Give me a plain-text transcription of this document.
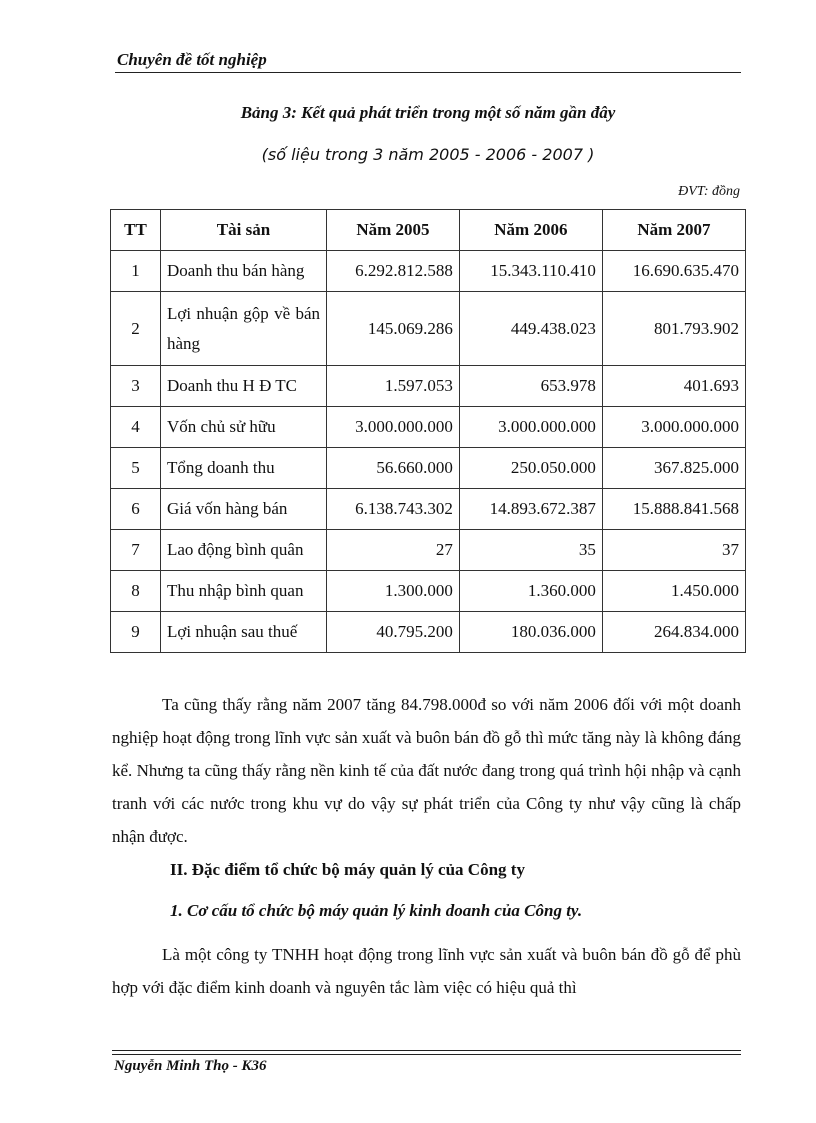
Chuyên đề tốt nghiệp
Bảng 3: Kết quả phát triển trong một số năm gần đây
(số liệu trong 3 năm 2005 - 2006 - 2007 )
ĐVT: đồng
TT	Tài sản	Năm 2005	Năm 2006	Năm 2007
1	Doanh thu bán hàng	6.292.812.588	15.343.110.410	16.690.635.470
2	Lợi nhuận gộp về bán hàng	145.069.286	449.438.023	801.793.902
3	Doanh thu H Đ TC	1.597.053	653.978	401.693
4	Vốn chủ sử hữu	3.000.000.000	3.000.000.000	3.000.000.000
5	Tổng doanh thu	56.660.000	250.050.000	367.825.000
6	Giá vốn hàng bán	6.138.743.302	14.893.672.387	15.888.841.568
7	Lao động bình quân	27	35	37
8	Thu nhập bình quan	1.300.000	1.360.000	1.450.000
9	Lợi nhuận sau thuế	40.795.200	180.036.000	264.834.000

Ta cũng thấy rằng năm 2007 tăng 84.798.000đ so với năm 2006 đối với một doanh nghiệp hoạt động trong lĩnh vực sản xuất và buôn bán đồ gỗ thì mức tăng này là không đáng kể. Nhưng ta cũng thấy rằng nền kinh tế của đất nước đang trong quá trình hội nhập và cạnh tranh với các nước trong khu vự do vậy sự phát triển của Công ty như vậy cũng là chấp nhận được.

II. Đặc điểm tổ chức bộ máy quản lý của Công ty
1. Cơ cấu tổ chức bộ máy quản lý kinh doanh của Công ty.

Là một công ty TNHH hoạt động trong lĩnh vực sản xuất và buôn bán đồ gỗ để phù hợp với đặc điểm kinh doanh và nguyên tắc làm việc có hiệu quả thì

Nguyễn Minh Thọ - K36
